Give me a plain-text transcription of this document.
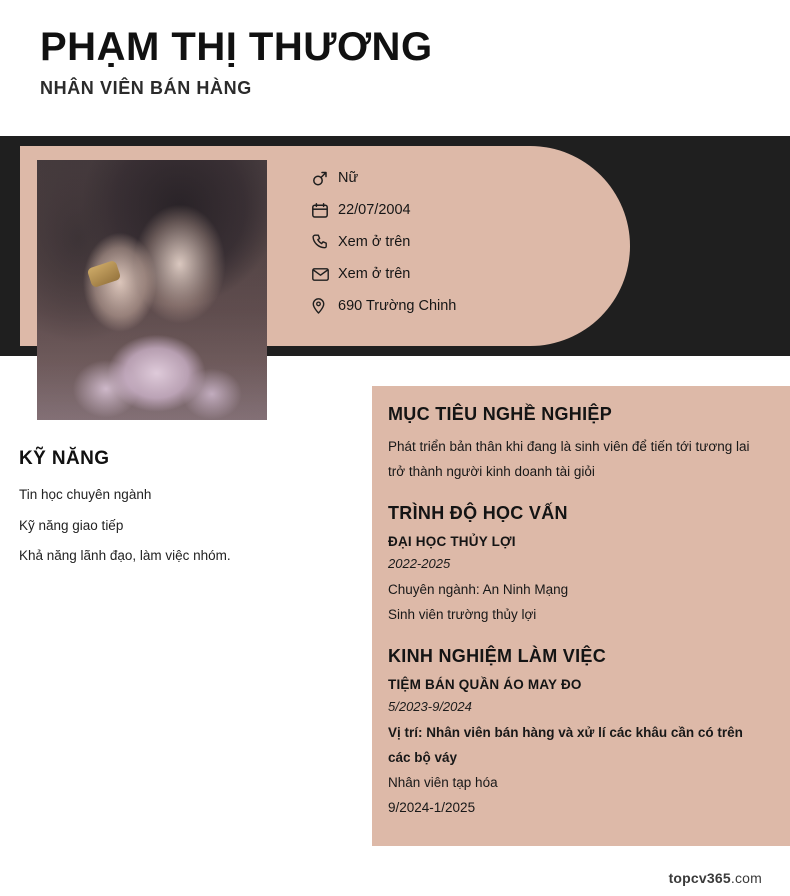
PHẠM THỊ THƯƠNG
NHÂN VIÊN BÁN HÀNG
Nữ
22/07/2004
Xem ở trên
Xem ở trên
690 Trường Chinh
KỸ NĂNG
Tin học chuyên ngành
Kỹ năng giao tiếp
Khả năng lãnh đạo, làm việc nhóm.
MỤC TIÊU NGHỀ NGHIỆP
Phát triển bản thân khi đang là sinh viên để tiến tới tương lai trở thành người kinh doanh tài giỏi
TRÌNH ĐỘ HỌC VẤN
ĐẠI HỌC THỦY LỢI
2022-2025
Chuyên ngành: An Ninh Mạng
Sinh viên trường thủy lợi
KINH NGHIỆM LÀM VIỆC
TIỆM BÁN QUẦN ÁO MAY ĐO
5/2023-9/2024
Vị trí: Nhân viên bán hàng và xử lí các khâu cần có trên các bộ váy
Nhân viên tạp hóa
9/2024-1/2025
topcv365.com
